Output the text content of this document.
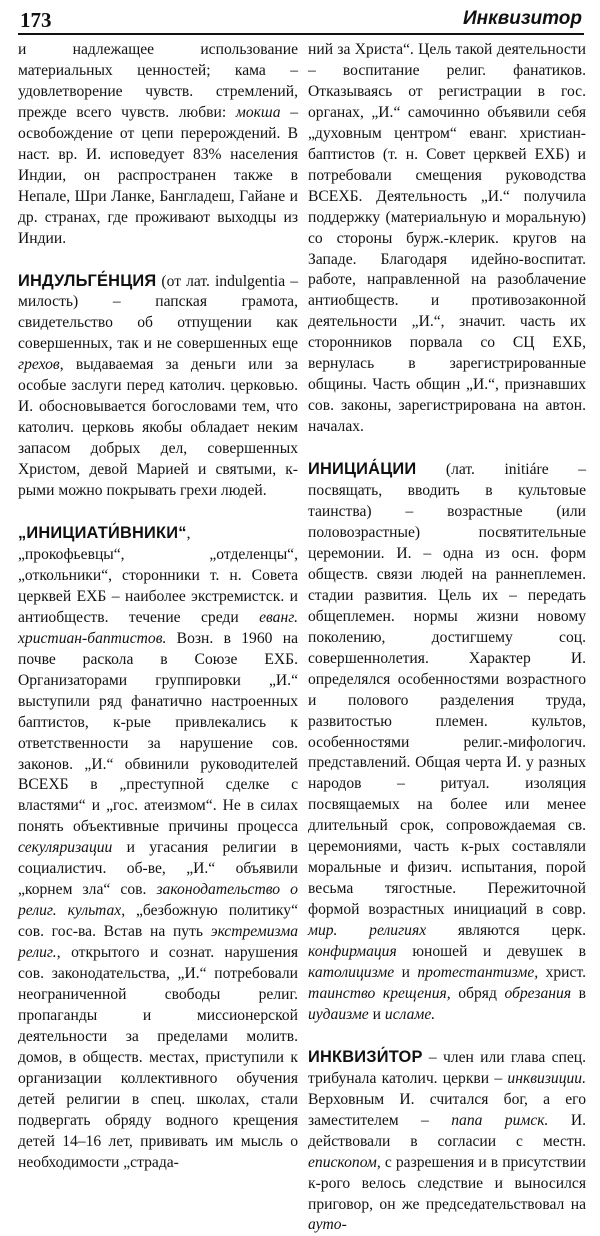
173	Инквизитор

и надлежащее использование материальных ценностей; кама – удовлетворение чувств. стремлений, прежде всего чувств. любви: мокша – освобождение от цепи перерождений. В наст. вр. И. исповедует 83% населения Индии, он распространен также в Непале, Шри Ланке, Бангладеш, Гайане и др. странах, где проживают выходцы из Индии.

ИНДУЛЬГЕ́НЦИЯ (от лат. indulgentia – милость) – папская грамота, свидетельство об отпущении как совершенных, так и не совершенных еще грехов, выдаваемая за деньги или за особые заслуги перед католич. церковью. И. обосновывается богословами тем, что католич. церковь якобы обладает неким запасом добрых дел, совершенных Христом, девой Марией и святыми, к-рыми можно покрывать грехи людей.

„ИНИЦИАТИ́ВНИКИ“, „прокофьевцы“, „отделенцы“, „откольники“, сторонники т. н. Совета церквей ЕХБ – наиболее экстремистск. и антиобществ. течение среди еванг. христиан-баптистов. Возн. в 1960 на почве раскола в Союзе ЕХБ. Организаторами группировки „И.“ выступили ряд фанатично настроенных баптистов, к-рые привлекались к ответственности за нарушение сов. законов. „И.“ обвинили руководителей ВСЕХБ в „преступной сделке с властями“ и „гос. атеизмом“. Не в силах понять объективные причины процесса секуляризации и угасания религии в социалистич. об-ве, „И.“ объявили „корнем зла“ сов. законодательство о религ. культах, „безбожную политику“ сов. гос-ва. Встав на путь экстремизма религ., открытого и сознат. нарушения сов. законодательства, „И.“ потребовали неограниченной свободы религ. пропаганды и миссионерской деятельности за пределами молитв. домов, в обществ. местах, приступили к организации коллективного обучения детей религии в спец. школах, стали подвергать обряду водного крещения детей 14–16 лет, прививать им мысль о необходимости „страда-

ний за Христа“. Цель такой деятельности – воспитание религ. фанатиков. Отказываясь от регистрации в гос. органах, „И.“ самочинно объявили себя „духовным центром“ еванг. христиан-баптистов (т. н. Совет церквей ЕХБ) и потребовали смещения руководства ВСЕХБ. Деятельность „И.“ получила поддержку (материальную и моральную) со стороны бурж.-клерик. кругов на Западе. Благодаря идейно-воспитат. работе, направленной на разоблачение антиобществ. и противозаконной деятельности „И.“, значит. часть их сторонников порвала со СЦ ЕХБ, вернулась в зарегистрированные общины. Часть общин „И.“, признавших сов. законы, зарегистрирована на автон. началах.

ИНИЦИА́ЦИИ (лат. initiáre – посвящать, вводить в культовые таинства) – возрастные (или половозрастные) посвятительные церемонии. И. – одна из осн. форм обществ. связи людей на раннеплемен. стадии развития. Цель их – передать общеплемен. нормы жизни новому поколению, достигшему соц. совершеннолетия. Характер И. определялся особенностями возрастного и полового разделения труда, развитостью племен. культов, особенностями религ.-мифологич. представлений. Общая черта И. у разных народов – ритуал. изоляция посвящаемых на более или менее длительный срок, сопровождаемая св. церемониями, часть к-рых составляли моральные и физич. испытания, порой весьма тягостные. Пережиточной формой возрастных инициаций в совр. мир. религиях являются церк. конфирмация юношей и девушек в католицизме и протестантизме, христ. таинство крещения, обряд обрезания в иудаизме и исламе.

ИНКВИЗИ́ТОР – член или глава спец. трибунала католич. церкви – инквизиции. Верховным И. считался бог, а его заместителем – папа римск. И. действовали в согласии с местн. епископом, с разрешения и в присутствии к-рого велось следствие и выносился приговор, он же председательствовал на ауто-
